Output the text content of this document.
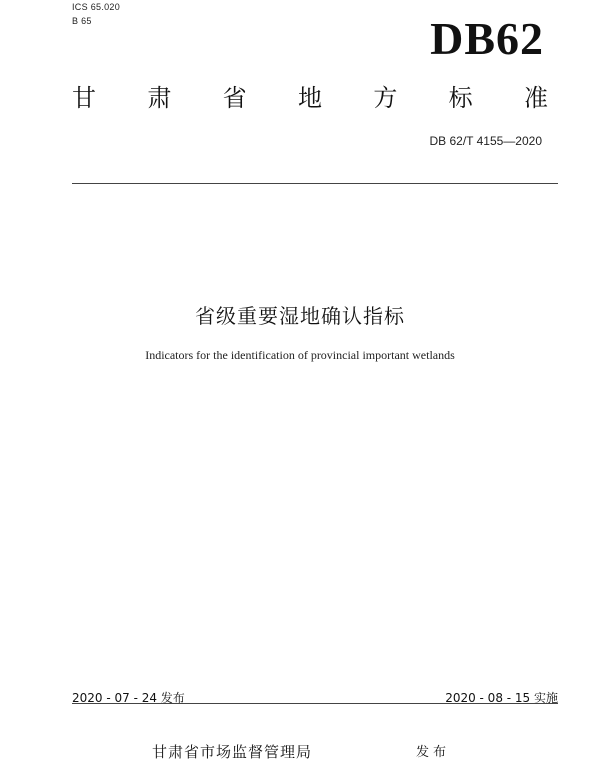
ICS 65.020
B 65	DB62
甘 肃 省 地 方 标 准
DB 62/T 4155—2020
省级重要湿地确认指标
Indicators for the identification of provincial important wetlands
2020 - 07 - 24 发布	2020 - 08 - 15 实施
甘肃省市场监督管理局	发布
